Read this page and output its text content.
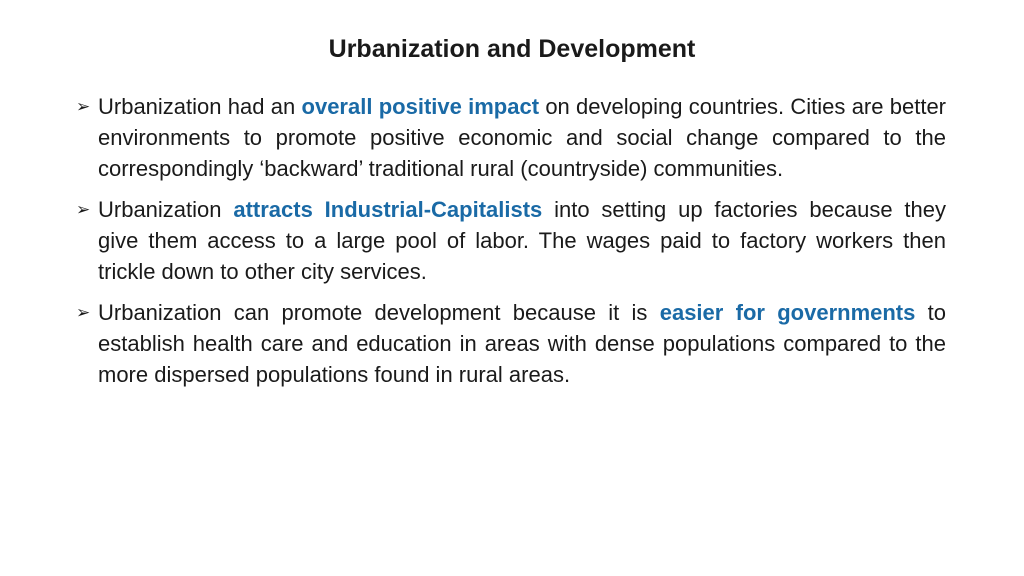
Urbanization and Development
➢ Urbanization had an overall positive impact on developing countries. Cities are better environments to promote positive economic and social change compared to the correspondingly ‘backward’ traditional rural (countryside) communities.
➢ Urbanization attracts Industrial-Capitalists into setting up factories because they give them access to a large pool of labor. The wages paid to factory workers then trickle down to other city services.
➢ Urbanization can promote development because it is easier for governments to establish health care and education in areas with dense populations compared to the more dispersed populations found in rural areas.
